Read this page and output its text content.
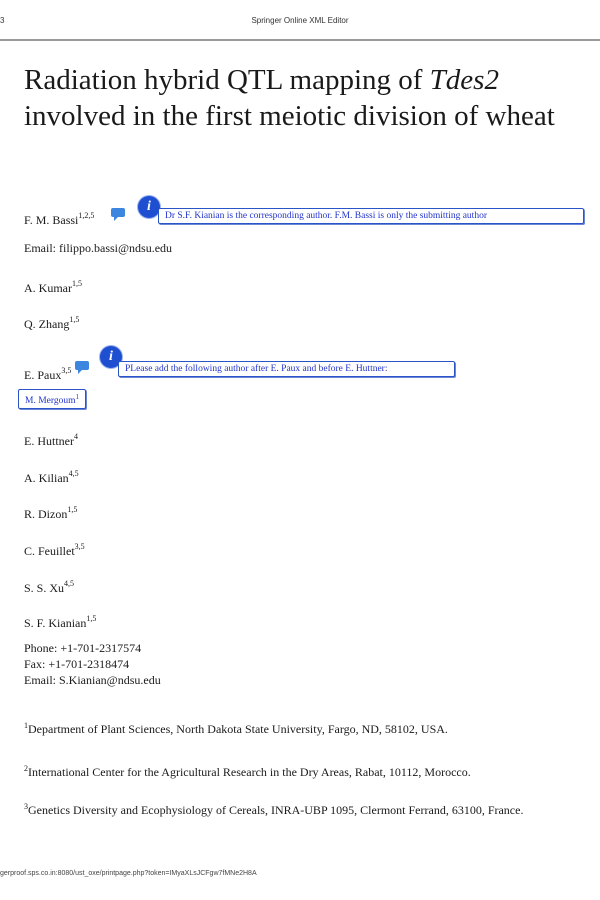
3	Springer Online XML Editor
Radiation hybrid QTL mapping of Tdes2 involved in the first meiotic division of wheat
F. M. Bassi$^{1,2,5}$
i
Dr S.F. Kianian is the corresponding author. F.M. Bassi is only the submitting author
Email: filippo.bassi@ndsu.edu
A. Kumar$^{1,5}$
Q. Zhang$^{1,5}$
E. Paux$^{3,5}$
i
PLease add the following author after E. Paux and before E. Huttner:
M. Mergoum$^1$
E. Huttner$^4$
A. Kilian$^{4,5}$
R. Dizon$^{1,5}$
C. Feuillet$^{3,5}$
S. S. Xu$^{4,5}$
S. F. Kianian$^{1,5}$
Phone: +1-701-2317574
Fax: +1-701-2318474
Email: S.Kianian@ndsu.edu
$^1$Department of Plant Sciences, North Dakota State University, Fargo, ND, 58102, USA.
$^2$International Center for the Agricultural Research in the Dry Areas, Rabat, 10112, Morocco.
$^3$Genetics Diversity and Ecophysiology of Cereals, INRA-UBP 1095, Clermont Ferrand, 63100, France.
gerproof.sps.co.in:8080/ust_oxe/printpage.php?token=IMyaXLsJCFgw7fMNe2H8A
